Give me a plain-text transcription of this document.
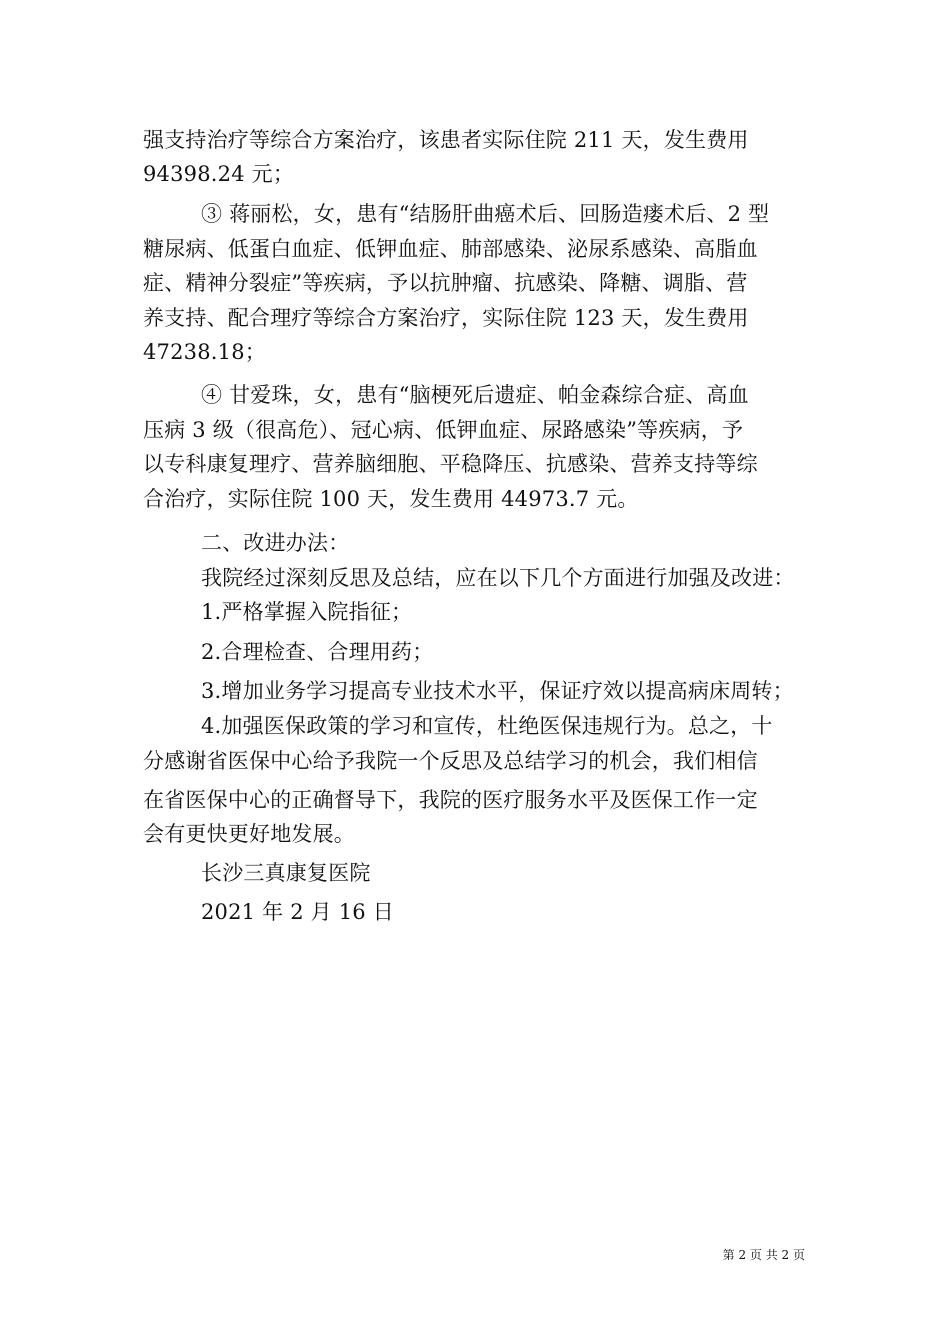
强支持治疗等综合方案治疗，该患者实际住院 211 天，发生费用
94398.24 元；
③ 蒋丽松，女，患有“结肠肝曲癌术后、回肠造瘘术后、2 型
糖尿病、低蛋白血症、低钾血症、肺部感染、泌尿系感染、高脂血
症、精神分裂症”等疾病，予以抗肿瘤、抗感染、降糖、调脂、营
养支持、配合理疗等综合方案治疗，实际住院 123 天，发生费用
47238.18；
④ 甘爱珠，女，患有“脑梗死后遗症、帕金森综合症、高血
压病 3 级（很高危）、冠心病、低钾血症、尿路感染”等疾病，予
以专科康复理疗、营养脑细胞、平稳降压、抗感染、营养支持等综
合治疗，实际住院 100 天，发生费用 44973.7 元。
二、改进办法：
我院经过深刻反思及总结，应在以下几个方面进行加强及改进：
1.严格掌握入院指征；
2.合理检查、合理用药；
3.增加业务学习提高专业技术水平，保证疗效以提高病床周转；
4.加强医保政策的学习和宣传，杜绝医保违规行为。总之，十
分感谢省医保中心给予我院一个反思及总结学习的机会，我们相信
在省医保中心的正确督导下，我院的医疗服务水平及医保工作一定
会有更快更好地发展。
长沙三真康复医院
2021 年 2 月 16 日
第 2 页 共 2 页
